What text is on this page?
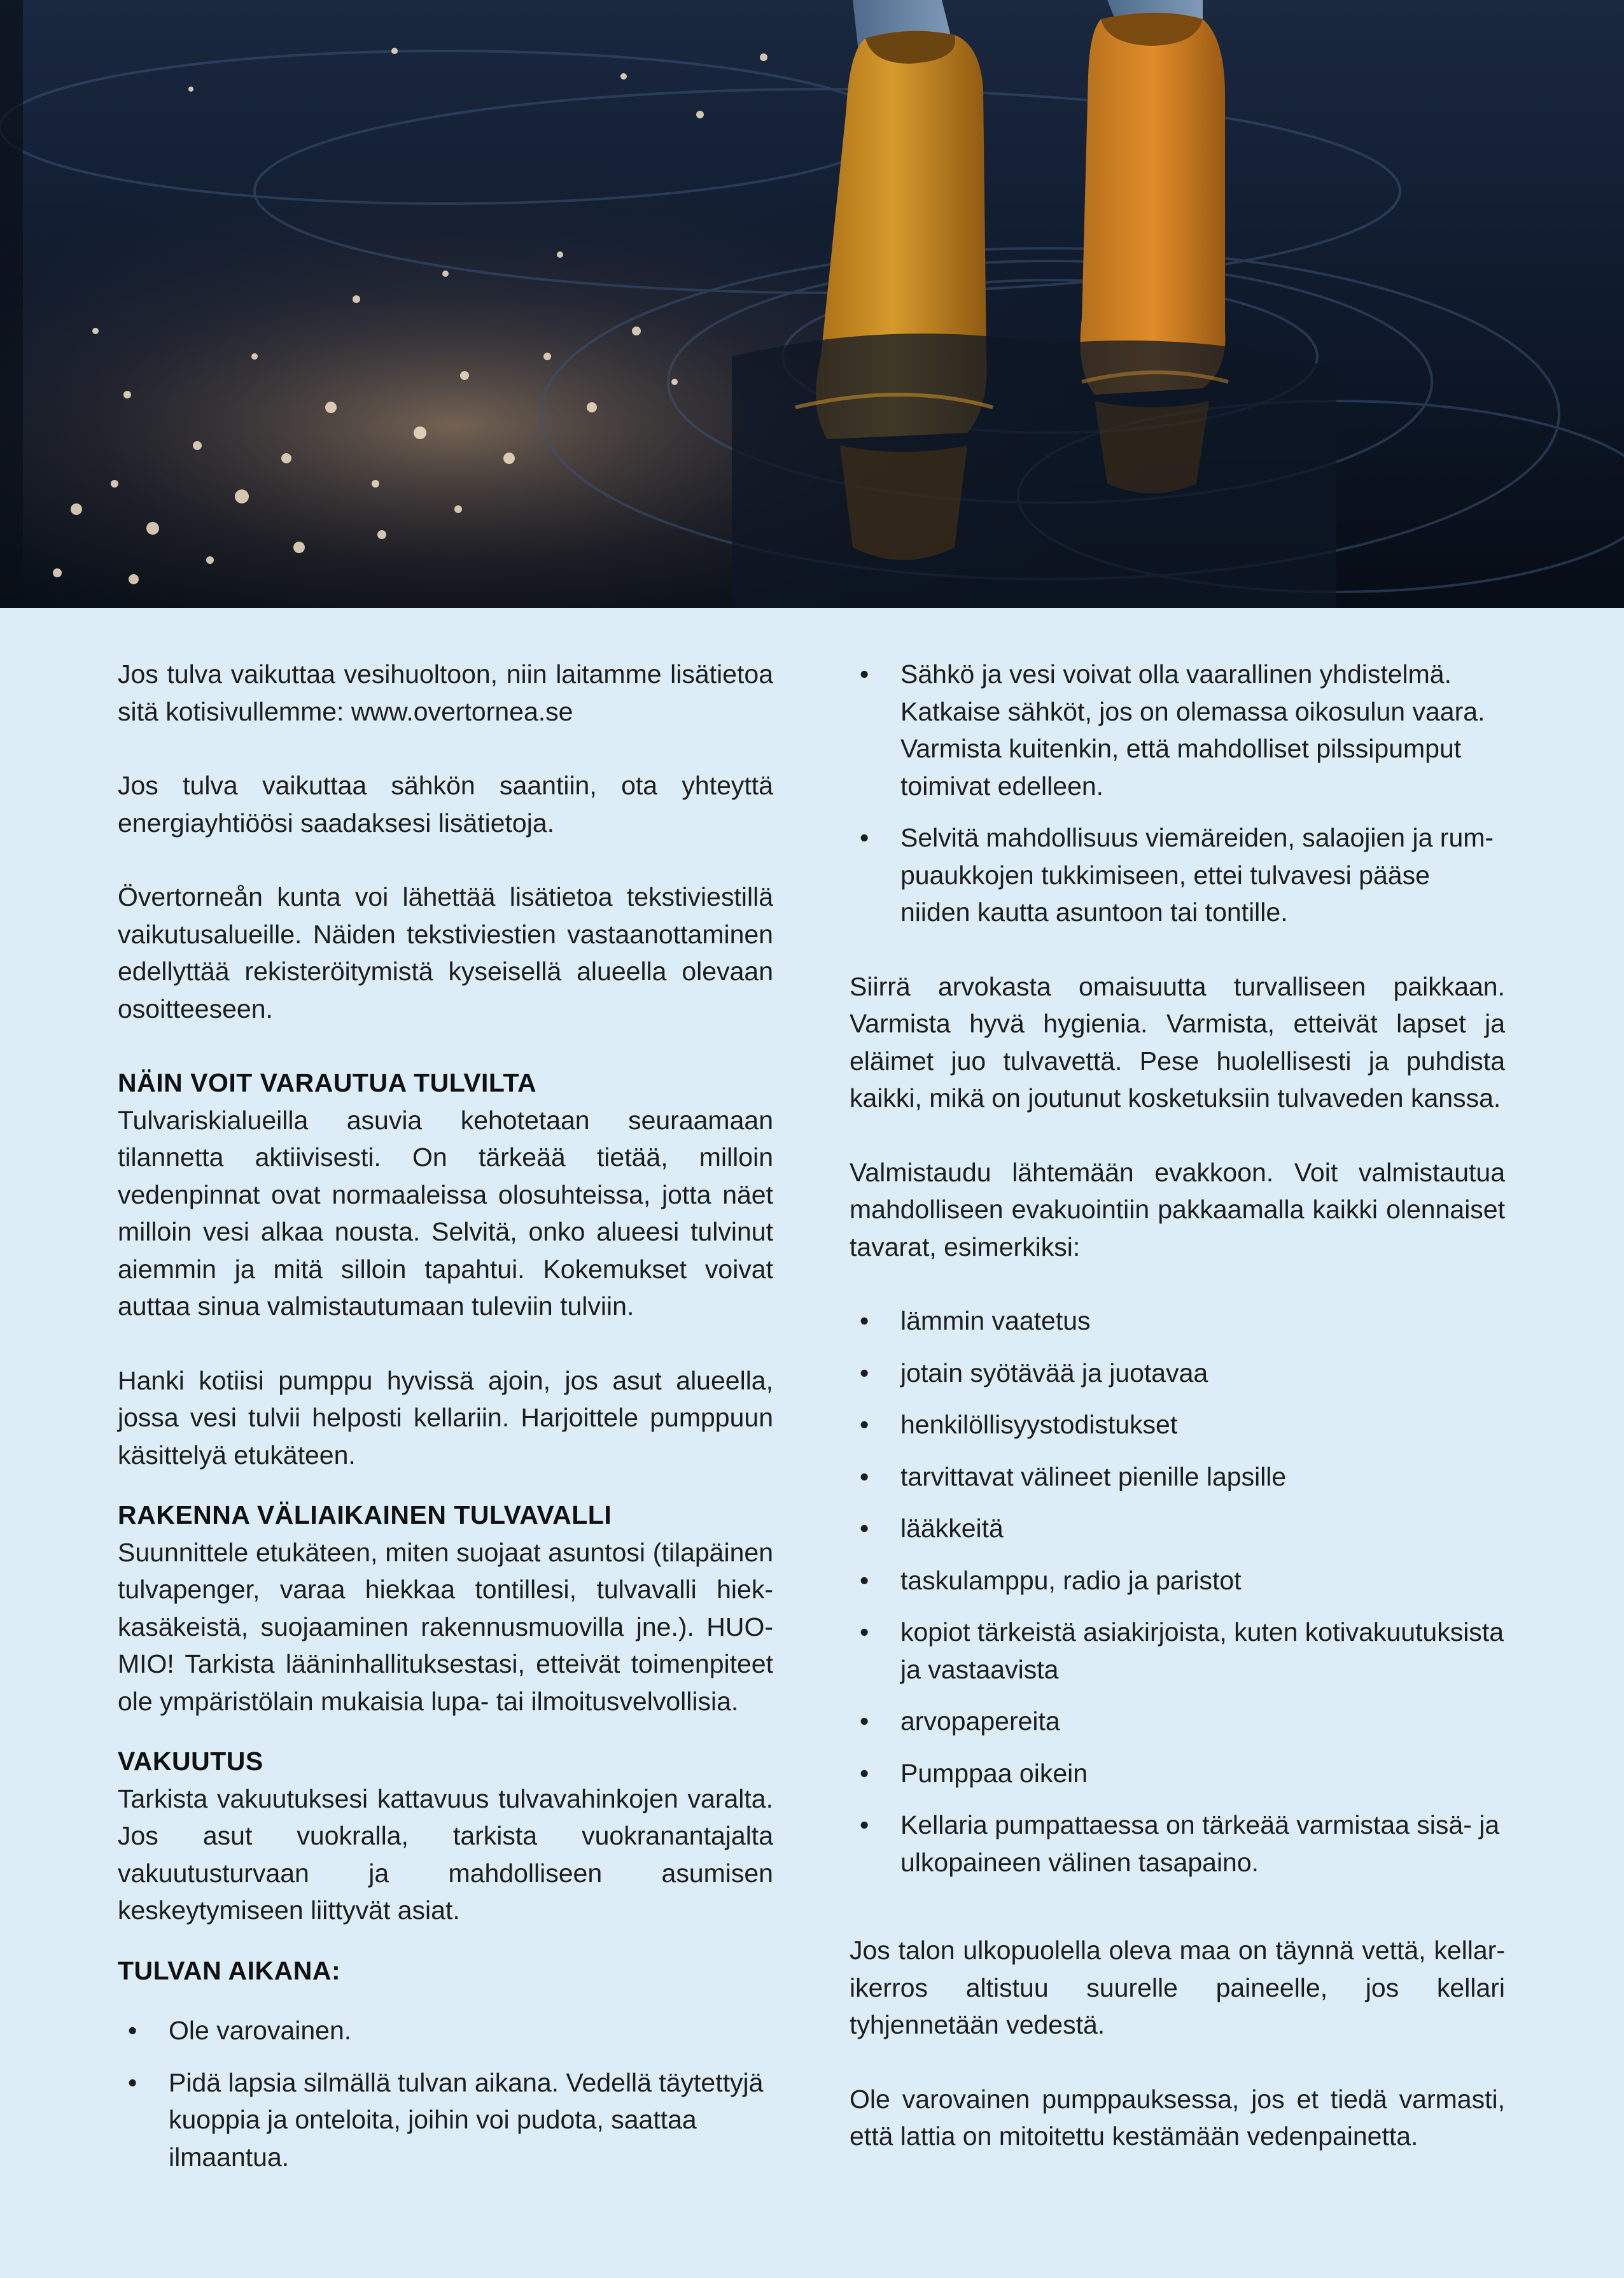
Jos tulva vaikuttaa vesihuoltoon, niin laitamme lisätietoa sitä kotisivullemme: www.overtornea.se

Jos tulva vaikuttaa sähkön saantiin, ota yhteyttä energiayhtiöösi saadaksesi lisätietoja.

Övertorneån kunta voi lähettää lisätietoa tekstiviestillä vaikutusalueille. Näiden tekstiviestien vastaanottaminen edellyttää rekisteröitymistä kyseisellä alueella olevaan osoitteeseen.

NÄIN VOIT VARAUTUA TULVILTA

Tulvariskialueilla asuvia kehotetaan seuraamaan tilannetta aktiivisesti. On tärkeää tietää, milloin vedenpinnat ovat normaaleissa olosuhteissa, jotta näet milloin vesi alkaa nousta. Selvitä, onko alueesi tulvinut aiemmin ja mitä silloin tapahtui. Kokemukset voivat auttaa sinua valmistautumaan tuleviin tulviin.

Hanki kotiisi pumppu hyvissä ajoin, jos asut alueella, jossa vesi tulvii helposti kellariin. Harjoittele pumppuun käsittelyä etukäteen.

RAKENNA VÄLIAIKAINEN TULVAVALLI

Suunnittele etukäteen, miten suojaat asuntosi (tilapäinen tulvapenger, varaa hiekkaa tontillesi, tulvavalli hiekkasäkeistä, suojaaminen rakennusmuovilla jne.). HUOMIO! Tarkista lääninhallituksestasi, etteivät toimenpiteet ole ympäristölain mukaisia lupa- tai ilmoitusvelvollisia.

VAKUUTUS

Tarkista vakuutuksesi kattavuus tulvavahinkojen varalta. Jos asut vuokralla, tarkista vuokranantajalta vakuutusturvaan ja mahdolliseen asumisen keskeytymiseen liittyvät asiat.

TULVAN AIKANA:
• Ole varovainen.
• Pidä lapsia silmällä tulvan aikana. Vedellä täytettyjä kuoppia ja onteloita, joihin voi pudota, saattaa ilmaantua.
• Sähkö ja vesi voivat olla vaarallinen yhdistelmä. Katkaise sähköt, jos on olemassa oikosulun vaara. Varmista kuitenkin, että mahdolliset pilssipumput toimivat edelleen.
• Selvitä mahdollisuus viemäreiden, salaojien ja rumpuaukkojen tukkimiseen, ettei tulvavesi pääse niiden kautta asuntoon tai tontille.

Siirrä arvokasta omaisuutta turvalliseen paikkaan. Varmista hyvä hygienia. Varmista, etteivät lapset ja eläimet juo tulvavettä. Pese huolellisesti ja puhdista kaikki, mikä on joutunut kosketuksiin tulvaveden kanssa.

Valmistaudu lähtemään evakkoon. Voit valmistautua mahdolliseen evakuointiin pakkaamalla kaikki olennaiset tavarat, esimerkiksi:

• lämmin vaatetus
• jotain syötävää ja juotavaa
• henkilöllisyystodistukset
• tarvittavat välineet pienille lapsille
• lääkkeitä
• taskulamppu, radio ja paristot
• kopiot tärkeistä asiakirjoista, kuten kotivakuutuksista ja vastaavista
• arvopapereita
• Pumppaa oikein
• Kellaria pumpattaessa on tärkeää varmistaa sisä- ja ulkopaineen välinen tasapaino.

Jos talon ulkopuolella oleva maa on täynnä vettä, kellarikerros altistuu suurelle paineelle, jos kellari tyhjennetään vedestä.

Ole varovainen pumppauksessa, jos et tiedä varmasti, että lattia on mitoitettu kestämään vedenpainetta.
